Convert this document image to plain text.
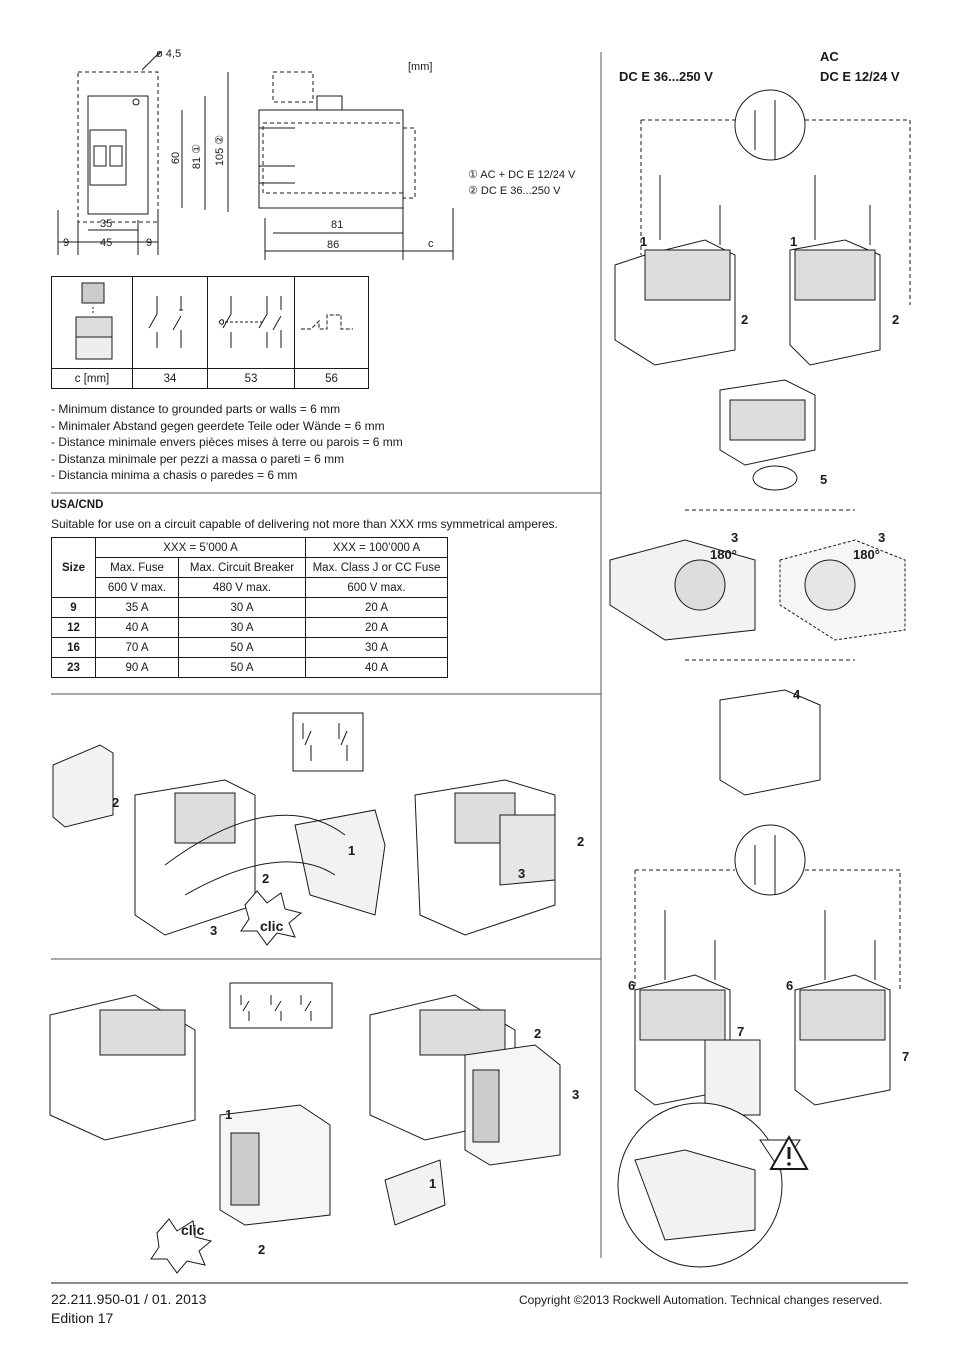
ø 4,5
60 81 ① 105 ②
35
9	45	9
[mm]
81
86	c
① AC + DC E 12/24 V
② DC E 36...250 V

c [mm]	34	53	56
- Minimum distance to grounded parts or walls = 6 mm
- Minimaler Abstand gegen geerdete Teile oder Wände = 6 mm
- Distance minimale envers pièces mises à terre ou parois = 6 mm
- Distanza minimale per pezzi a massa o pareti = 6 mm
- Distancia minima a chasis o paredes = 6 mm
USA/CND
Suitable for use on a circuit capable of delivering not more than XXX rms symmetrical amperes.
Size	XXX = 5’000 A		XXX = 100’000 A
	Max. Fuse	Max. Circuit Breaker	Max. Class J or CC Fuse
	600 V max.	480 V max.	600 V max.
9	35 A	30 A	20 A
12	40 A	30 A	20 A
16	70 A	50 A	30 A
23	90 A	50 A	40 A
2
1
2
3	clic
2
3
1
2
clic
2
3
1
DC E 36...250 V
AC
DC E 12/24 V
1	1
2	2
5
3	3
180°	180°
4
6	6
7
7
22.211.950-01 / 01. 2013
Edition 17
Copyright ©2013 Rockwell Automation. Technical changes reserved.
